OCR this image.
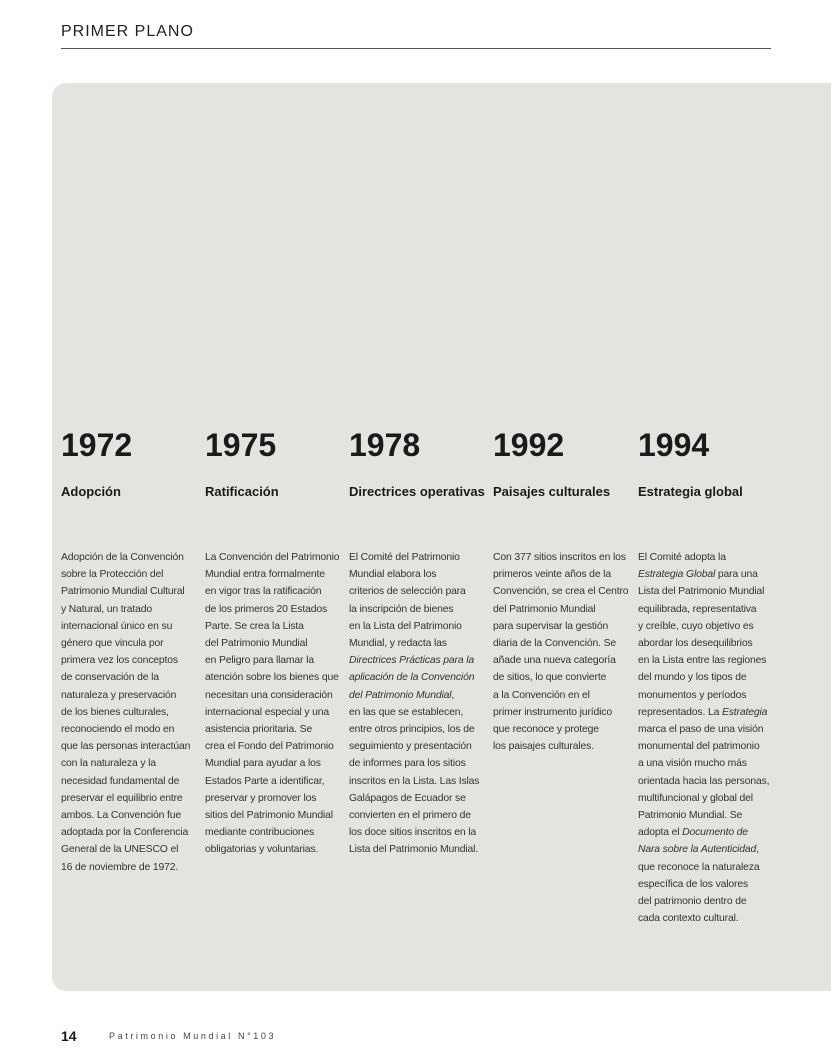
PRIMER PLANO
1972
Adopción
Adopción de la Convención
sobre la Protección del
Patrimonio Mundial Cultural
y Natural, un tratado
internacional único en su
género que vincula por
primera vez los conceptos
de conservación de la
naturaleza y preservación
de los bienes culturales,
reconociendo el modo en
que las personas interactúan
con la naturaleza y la
necesidad fundamental de
preservar el equilibrio entre
ambos. La Convención fue
adoptada por la Conferencia
General de la UNESCO el
16 de noviembre de 1972.
1975
Ratificación
La Convención del Patrimonio
Mundial entra formalmente
en vigor tras la ratificación
de los primeros 20 Estados
Parte. Se crea la Lista
del Patrimonio Mundial
en Peligro para llamar la
atención sobre los bienes que
necesitan una consideración
internacional especial y una
asistencia prioritaria. Se
crea el Fondo del Patrimonio
Mundial para ayudar a los
Estados Parte a identificar,
preservar y promover los
sitios del Patrimonio Mundial
mediante contribuciones
obligatorias y voluntarias.
1978
Directrices operativas
El Comité del Patrimonio
Mundial elabora los
criterios de selección para
la inscripción de bienes
en la Lista del Patrimonio
Mundial, y redacta las
Directrices Prácticas para la
aplicación de la Convención
del Patrimonio Mundial,
en las que se establecen,
entre otros principios, los de
seguimiento y presentación
de informes para los sitios
inscritos en la Lista. Las Islas
Galápagos de Ecuador se
convierten en el primero de
los doce sitios inscritos en la
Lista del Patrimonio Mundial.
1992
Paisajes culturales
Con 377 sitios inscritos en los
primeros veinte años de la
Convención, se crea el Centro
del Patrimonio Mundial
para supervisar la gestión
diaria de la Convención. Se
añade una nueva categoría
de sitios, lo que convierte
a la Convención en el
primer instrumento jurídico
que reconoce y protege
los paisajes culturales.
1994
Estrategia global
El Comité adopta la
Estrategia Global para una
Lista del Patrimonio Mundial
equilibrada, representativa
y creíble, cuyo objetivo es
abordar los desequilibrios
en la Lista entre las regiones
del mundo y los tipos de
monumentos y períodos
representados. La Estrategia
marca el paso de una visión
monumental del patrimonio
a una visión mucho más
orientada hacia las personas,
multifuncional y global del
Patrimonio Mundial. Se
adopta el Documento de
Nara sobre la Autenticidad,
que reconoce la naturaleza
específica de los valores
del patrimonio dentro de
cada contexto cultural.
14	Patrimonio Mundial N°103
